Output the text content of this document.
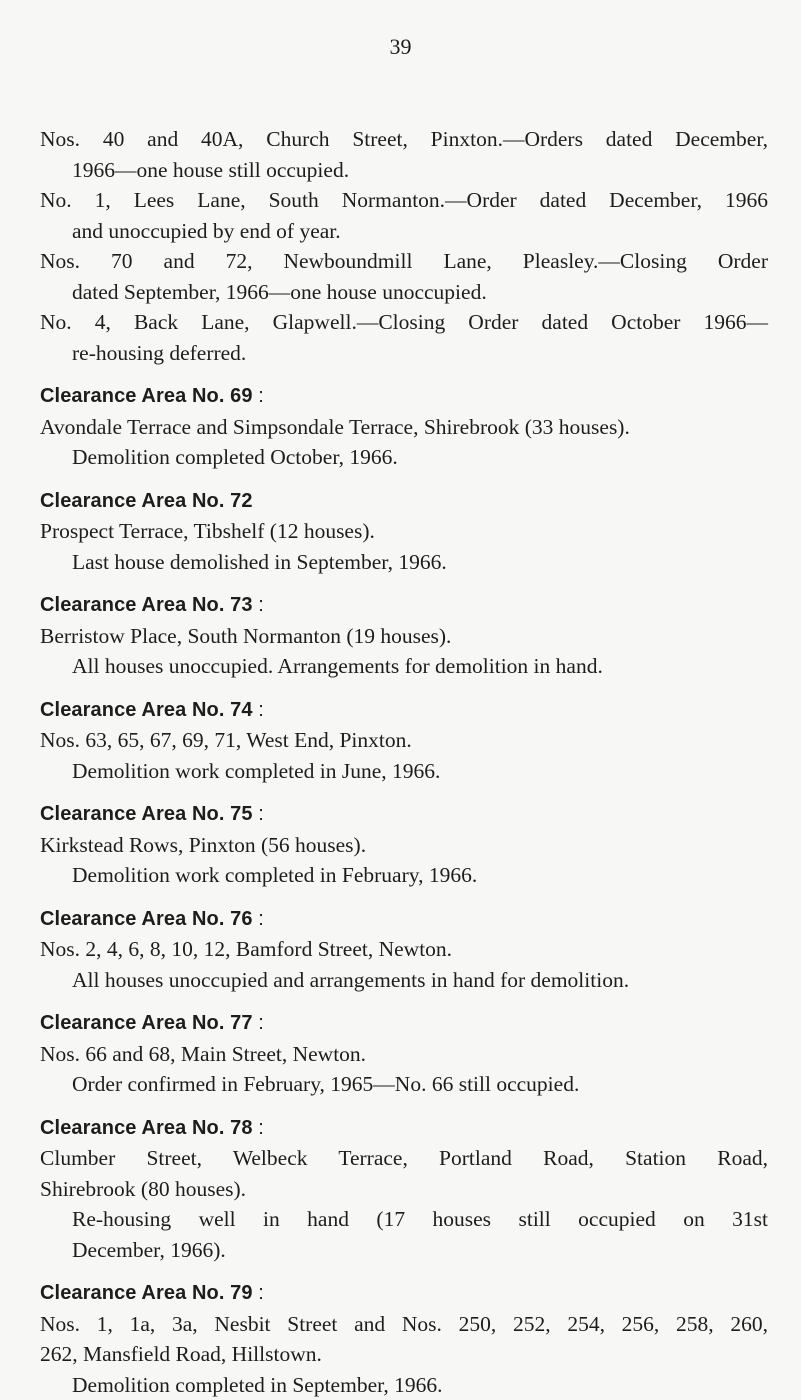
39

Nos. 40 and 40A, Church Street, Pinxton.—Orders dated December,

1966—one house still occupied.

No. 1, Lees Lane, South Normanton.—Order dated December, 1966

and unoccupied by end of year.

Nos. 70 and 72, Newboundmill Lane, Pleasley.—Closing Order

dated September, 1966—one house unoccupied.

No. 4, Back Lane, Glapwell.—Closing Order dated October 1966—

re-housing deferred.

Clearance Area No. 69 :

Avondale Terrace and Simpsondale Terrace, Shirebrook (33 houses).

Demolition completed October, 1966.

Clearance Area No. 72

Prospect Terrace, Tibshelf (12 houses).

Last house demolished in September, 1966.

Clearance Area No. 73 :

Berristow Place, South Normanton (19 houses).

All houses unoccupied. Arrangements for demolition in hand.

Clearance Area No. 74 :

Nos. 63, 65, 67, 69, 71, West End, Pinxton.

Demolition work completed in June, 1966.

Clearance Area No. 75 :

Kirkstead Rows, Pinxton (56 houses).

Demolition work completed in February, 1966.

Clearance Area No. 76 :

Nos. 2, 4, 6, 8, 10, 12, Bamford Street, Newton.

All houses unoccupied and arrangements in hand for demolition.

Clearance Area No. 77 :

Nos. 66 and 68, Main Street, Newton.

Order confirmed in February, 1965—No. 66 still occupied.

Clearance Area No. 78 :

Clumber Street, Welbeck Terrace, Portland Road, Station Road,

Shirebrook (80 houses).

Re-housing well in hand (17 houses still occupied on 31st

December, 1966).

Clearance Area No. 79 :

Nos. 1, 1a, 3a, Nesbit Street and Nos. 250, 252, 254, 256, 258, 260,

262, Mansfield Road, Hillstown.

Demolition completed in September, 1966.
